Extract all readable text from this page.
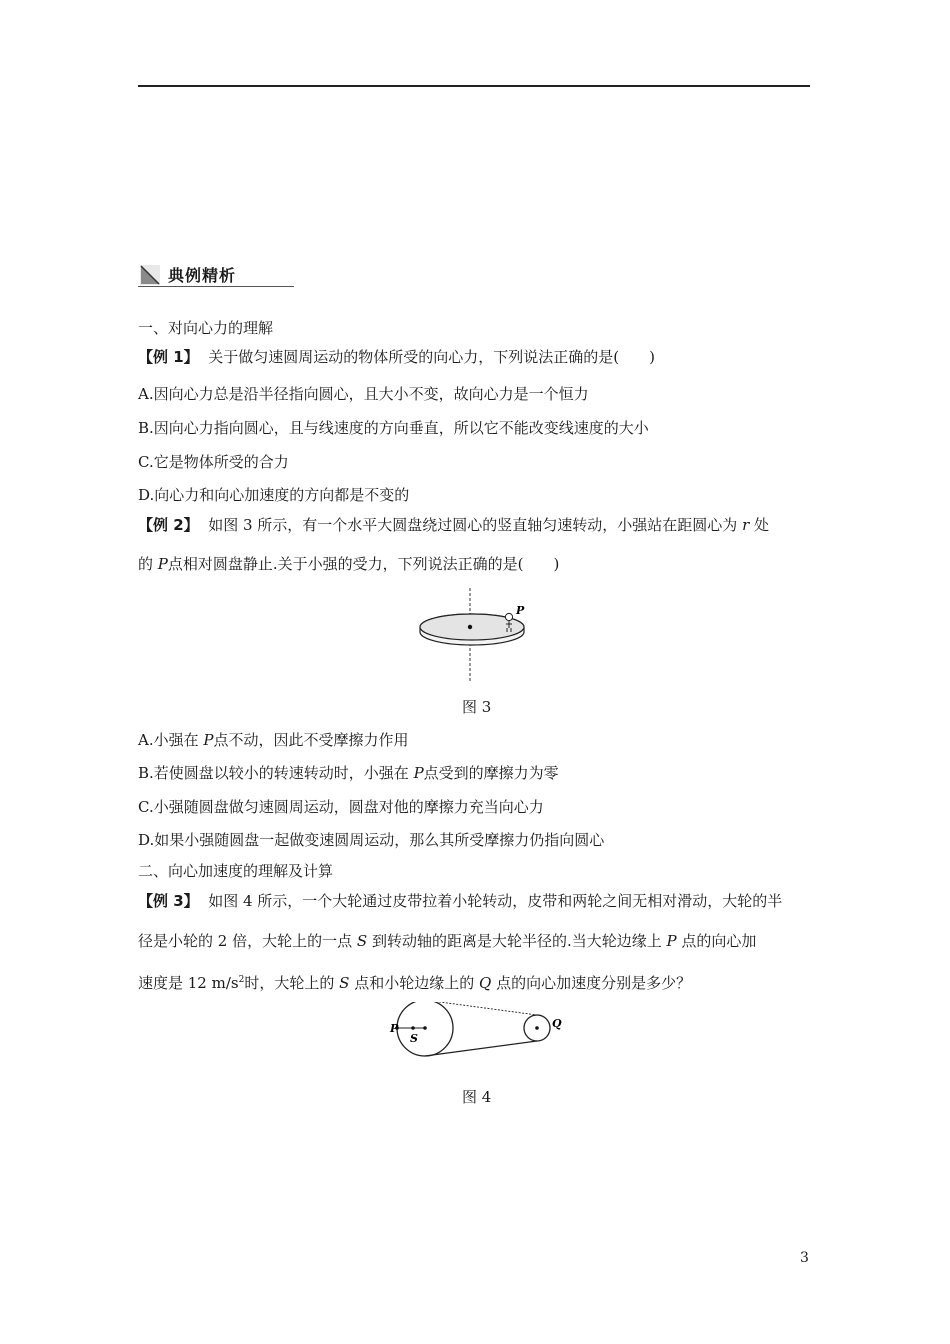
典例精析
一、对向心力的理解
【例 1】 关于做匀速圆周运动的物体所受的向心力，下列说法正确的是(　　)
A.因向心力总是沿半径指向圆心，且大小不变，故向心力是一个恒力
B.因向心力指向圆心，且与线速度的方向垂直，所以它不能改变线速度的大小
C.它是物体所受的合力
D.向心力和向心加速度的方向都是不变的
【例 2】 如图 3 所示，有一个水平大圆盘绕过圆心的竖直轴匀速转动，小强站在距圆心为 r 处
的 P点相对圆盘静止.关于小强的受力，下列说法正确的是(　　)
P
图 3
A.小强在 P点不动，因此不受摩擦力作用
B.若使圆盘以较小的转速转动时，小强在 P点受到的摩擦力为零
C.小强随圆盘做匀速圆周运动，圆盘对他的摩擦力充当向心力
D.如果小强随圆盘一起做变速圆周运动，那么其所受摩擦力仍指向圆心
二、向心加速度的理解及计算
【例 3】 如图 4 所示，一个大轮通过皮带拉着小轮转动，皮带和两轮之间无相对滑动，大轮的半
径是小轮的 2 倍，大轮上的一点 S 到转动轴的距离是大轮半径的.当大轮边缘上 P 点的向心加
速度是 12 $m/s^2$时，大轮上的 S 点和小轮边缘上的 Q 点的向心加速度分别是多少？
P
S
Q
图 4
3
